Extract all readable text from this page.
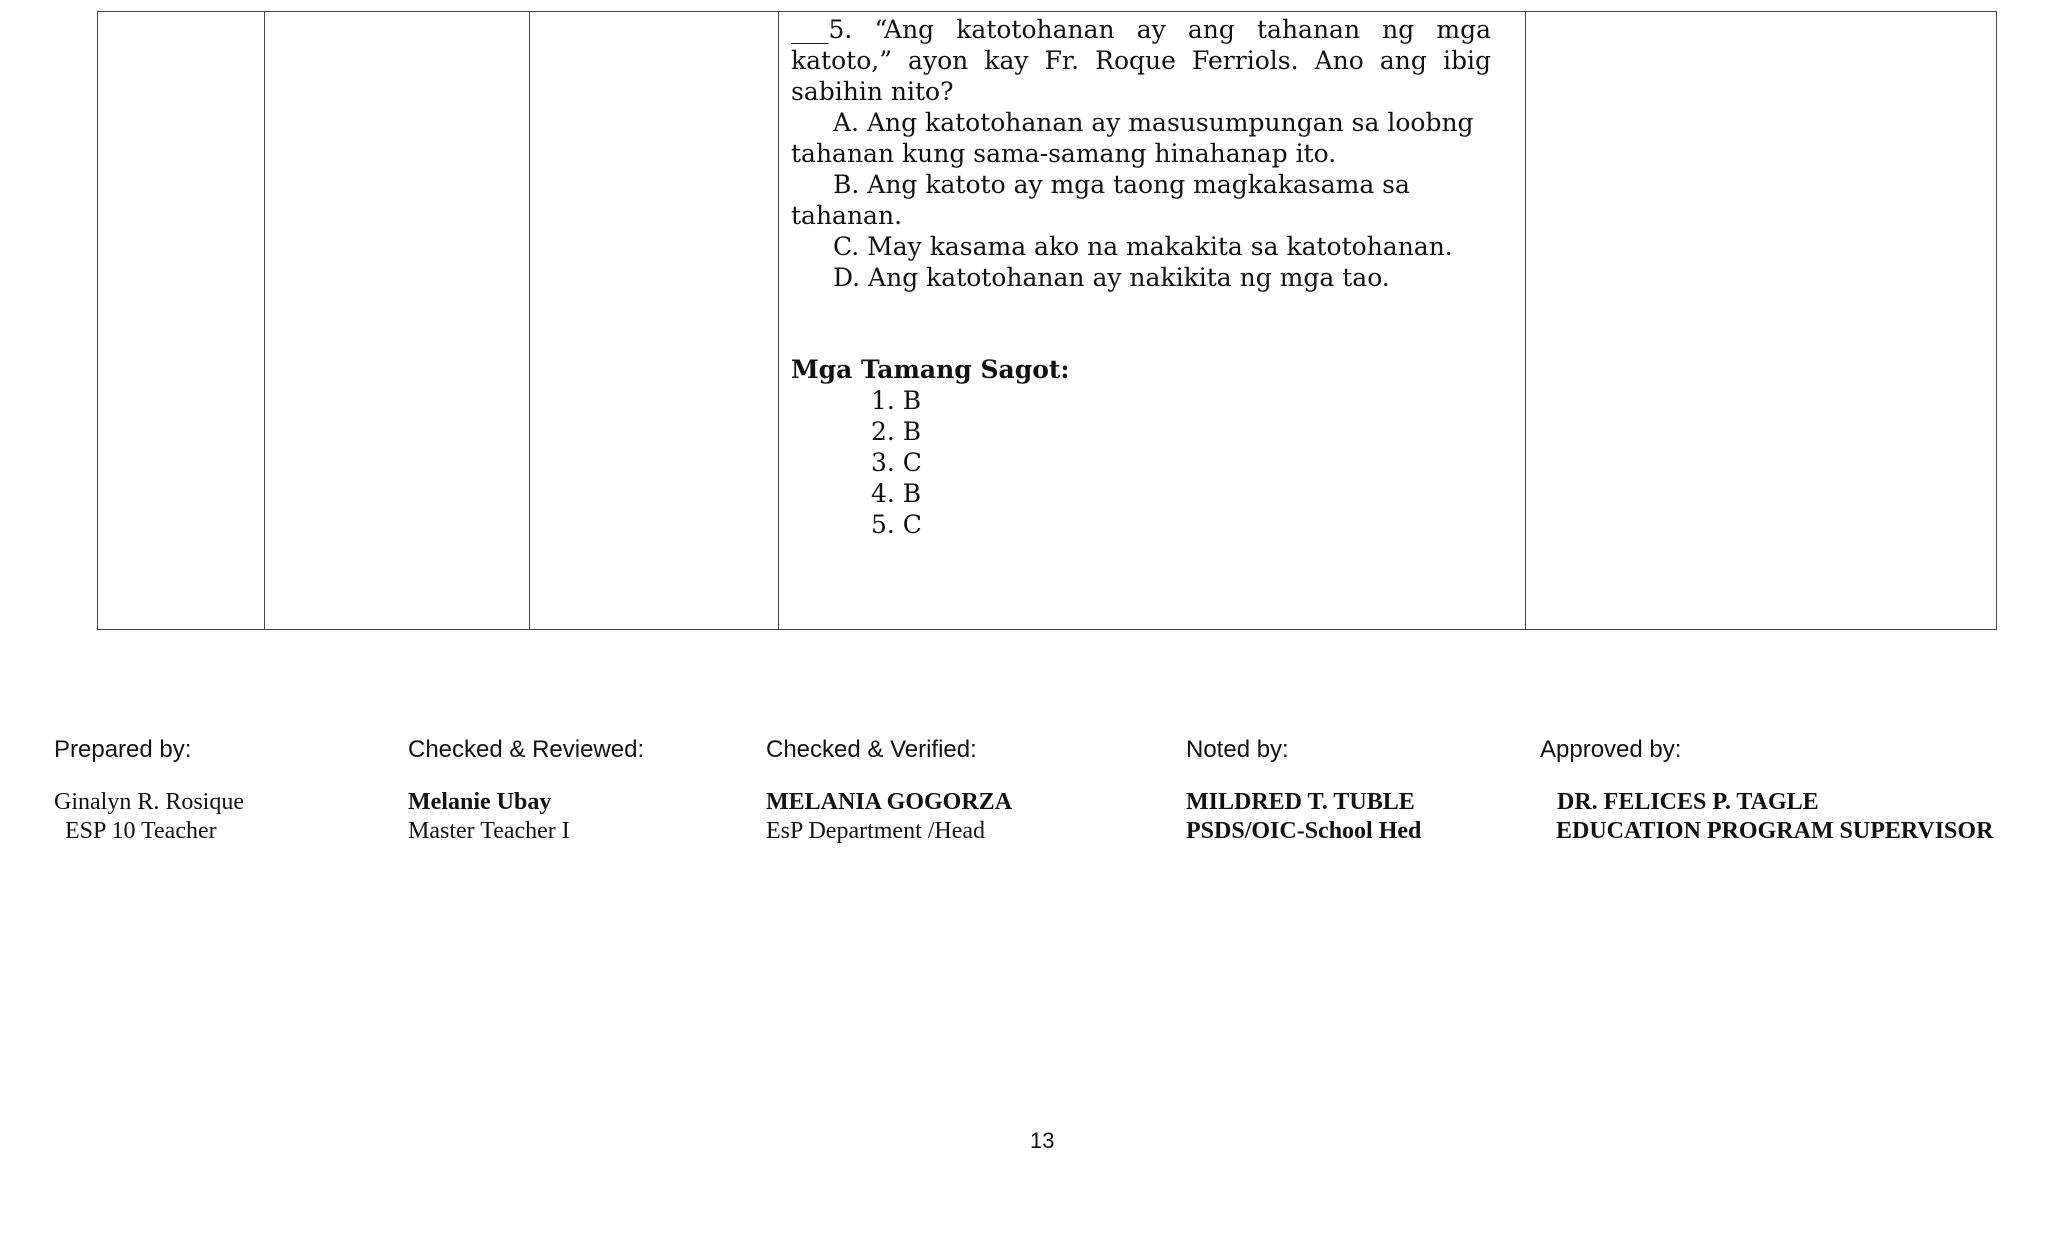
___5. “Ang katotohanan ay ang tahanan ng mga

katoto,” ayon kay Fr. Roque Ferriols. Ano ang ibig

sabihin nito?

A. Ang katotohanan ay masusumpungan sa loobng

tahanan kung sama-samang hinahanap ito.

B. Ang katoto ay mga taong magkakasama sa

tahanan.

C. May kasama ako na makakita sa katotohanan.

D. Ang katotohanan ay nakikita ng mga tao.

Mga Tamang Sagot:

1. B
2. B
3. C
4. B
5. C
Prepared by:
Ginalyn R. Rosique
ESP 10 Teacher
Checked & Reviewed:
Melanie Ubay
Master Teacher I
Checked & Verified:
MELANIA GOGORZA
EsP Department /Head
Noted by:
MILDRED T. TUBLE
PSDS/OIC-School Hed
Approved by:
DR. FELICES P. TAGLE
EDUCATION PROGRAM SUPERVISOR
13
